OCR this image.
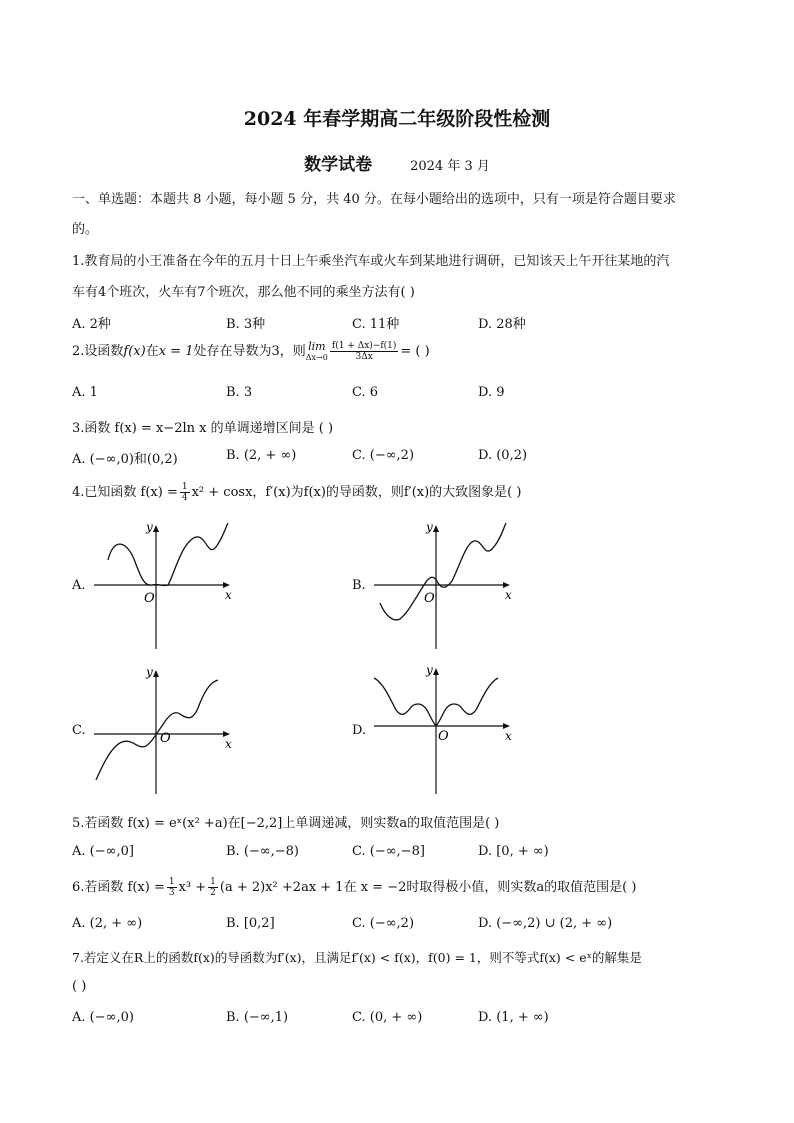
2024 年春学期高二年级阶段性检测
数学试卷	2024 年 3 月
一、单选题：本题共 8 小题，每小题 5 分，共 40 分。在每小题给出的选项中，只有一项是符合题目要求
的。
1.教育局的小王准备在今年的五月十日上午乘坐汽车或火车到某地进行调研，已知该天上午开往某地的汽
车有4个班次，火车有7个班次，那么他不同的乘坐方法有( )
A. 2种	B. 3种	C. 11种	D. 28种
2.设函数f(x)在x = 1处存在导数为3，则 lim
$\Delta x\to 0 \frac{f(1 + \Delta x)-f(1)}{3\Delta x}$ = ( )
A. 1	B. 3	C. 6	D. 9
3.函数 f(x) = x−2ln x 的单调递增区间是 ( )
A. (−∞,0)和(0,2)	B. (2, + ∞)	C. (−∞,2)	D. (0,2)
4.已知函数 $f(x) = \frac{1}{4} x^2 + \cos x$，f′(x)为f(x)的导函数，则f′(x)的大致图象是( )
A.
y
x
O
B.
y
x
O
C.
y
x
O
D.
y
x
O
5.若函数 f(x) = eˣ(x² +a)在[−2,2]上单调递减，则实数a的取值范围是( )
A. (−∞,0]	B. (−∞,−8)	C. (−∞,−8]	D. [0, + ∞)
6.若函数 $f(x) = \frac{1}{3} x^3 + \frac{1}{2} (a + 2)x^2 +2ax + 1$在 x = −2时取得极小值，则实数a的取值范围是( )
A. (2, + ∞)	B. [0,2]	C. (−∞,2)	D. (−∞,2) ∪ (2, + ∞)
7.若定义在R上的函数f(x)的导函数为f′(x)，且满足f′(x) < f(x)，f(0) = 1，则不等式f(x) < eˣ的解集是
( )
A. (−∞,0)	B. (−∞,1)	C. (0, + ∞)	D. (1, + ∞)
